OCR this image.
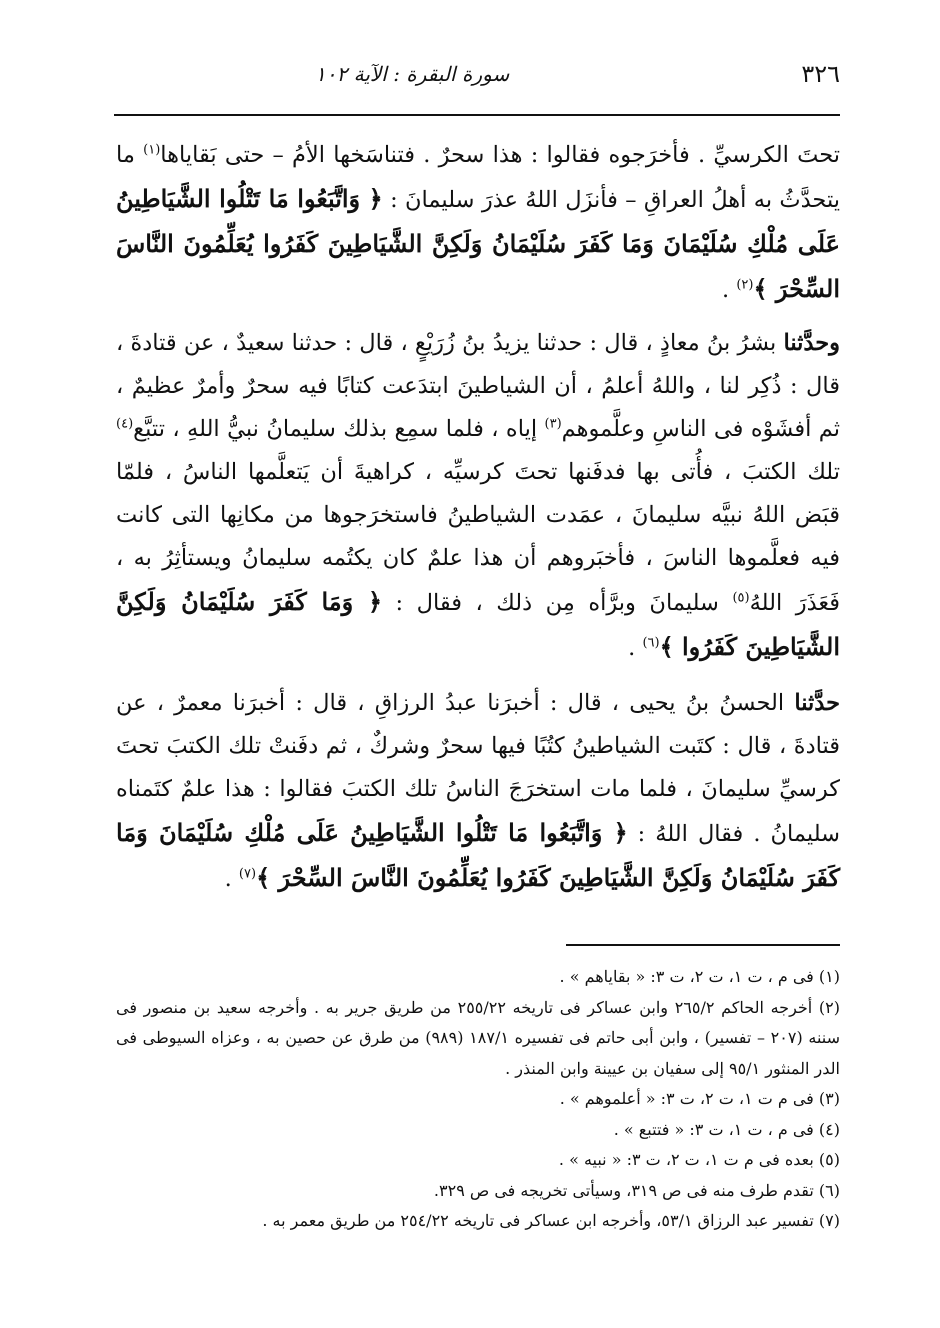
٣٢٦
سورة البقرة : الآية ١٠٢

تحتَ الكرسيِّ . فأخرَجوه فقالوا : هذا سحرٌ . فتناسَخها الأمُ – حتى بَقاياها$^{(١)}$ ما يتحدَّثُ به أهلُ العراقِ – فأنزَل اللهُ عذرَ سليمانَ : ﴿ وَاتَّبَعُوا مَا تَتْلُوا الشَّيَاطِينُ عَلَى مُلْكِ سُلَيْمَانَ وَمَا كَفَرَ سُلَيْمَانُ وَلَكِنَّ الشَّيَاطِينَ كَفَرُوا يُعَلِّمُونَ النَّاسَ السِّحْرَ ﴾$^{(٢)}$ .

وحدَّثنا بشرُ بنُ معاذٍ ، قال : حدثنا يزيدُ بنُ زُرَيْعٍ ، قال : حدثنا سعيدٌ ، عن قتادةَ ، قال : ذُكِر لنا ، واللهُ أعلمُ ، أن الشياطينَ ابتدَعت كتابًا فيه سحرٌ وأمرٌ عظيمٌ ، ثم أفشَوْه فى الناسِ وعلَّموهم$^{(٣)}$ إياه ، فلما سمِع بذلك سليمانُ نبيُّ اللهِ ، تتبَّع$^{(٤)}$ تلك الكتبَ ، فأُتى بها فدفَنها تحتَ كرسيِّه ، كراهيةَ أن يَتعلَّمها الناسُ ، فلمّا قبَض اللهُ نبيَّه سليمانَ ، عمَدت الشياطينُ فاستخرَجوها من مكانِها التى كانت فيه فعلَّموها الناسَ ، فأخبَروهم أن هذا علمٌ كان يكتُمه سليمانُ ويستأثِرُ به ، فَعَذَرَ اللهُ$^{(٥)}$ سليمانَ وبرَّأه مِن ذلك ، فقال : ﴿ وَمَا كَفَرَ سُلَيْمَانُ وَلَكِنَّ الشَّيَاطِينَ كَفَرُوا ﴾$^{(٦)}$ .

حدَّثنا الحسنُ بنُ يحيى ، قال : أخبرَنا عبدُ الرزاقِ ، قال : أخبرَنا معمرٌ ، عن قتادةَ ، قال : كتَبت الشياطينُ كتُبًا فيها سحرٌ وشركٌ ، ثم دفَنتْ تلك الكتبَ تحتَ كرسيِّ سليمانَ ، فلما مات استخرَجَ الناسُ تلك الكتبَ فقالوا : هذا علمٌ كتَمناه سليمانُ . فقال اللهُ : ﴿ وَاتَّبَعُوا مَا تَتْلُوا الشَّيَاطِينُ عَلَى مُلْكِ سُلَيْمَانَ وَمَا كَفَرَ سُلَيْمَانُ وَلَكِنَّ الشَّيَاطِينَ كَفَرُوا يُعَلِّمُونَ النَّاسَ السِّحْرَ ﴾$^{(٧)}$ .

(١) فى م ، ت ١، ت ٢، ت ٣: « بقاياهم » .

(٢) أخرجه الحاكم ٢٦٥/٢ وابن عساكر فى تاريخه ٢٥٥/٢٢ من طريق جرير به . وأخرجه سعيد بن منصور فى سننه (٢٠٧ – تفسير) ، وابن أبى حاتم فى تفسيره ١٨٧/١ (٩٨٩) من طرق عن حصين به ، وعزاه السيوطى فى الدر المنثور ٩٥/١ إلى سفيان بن عيينة وابن المنذر .

(٣) فى م ت ١، ت ٢، ت ٣: « أعلموهم » .

(٤) فى م ، ت ١، ت ٣: « فتتبع » .

(٥) بعده فى م ت ١، ت ٢، ت ٣: « نبيه » .

(٦) تقدم طرف منه فى ص ٣١٩، وسيأتى تخريجه فى ص ٣٢٩.

(٧) تفسير عبد الرزاق ٥٣/١، وأخرجه ابن عساكر فى تاريخه ٢٥٤/٢٢ من طريق معمر به .
